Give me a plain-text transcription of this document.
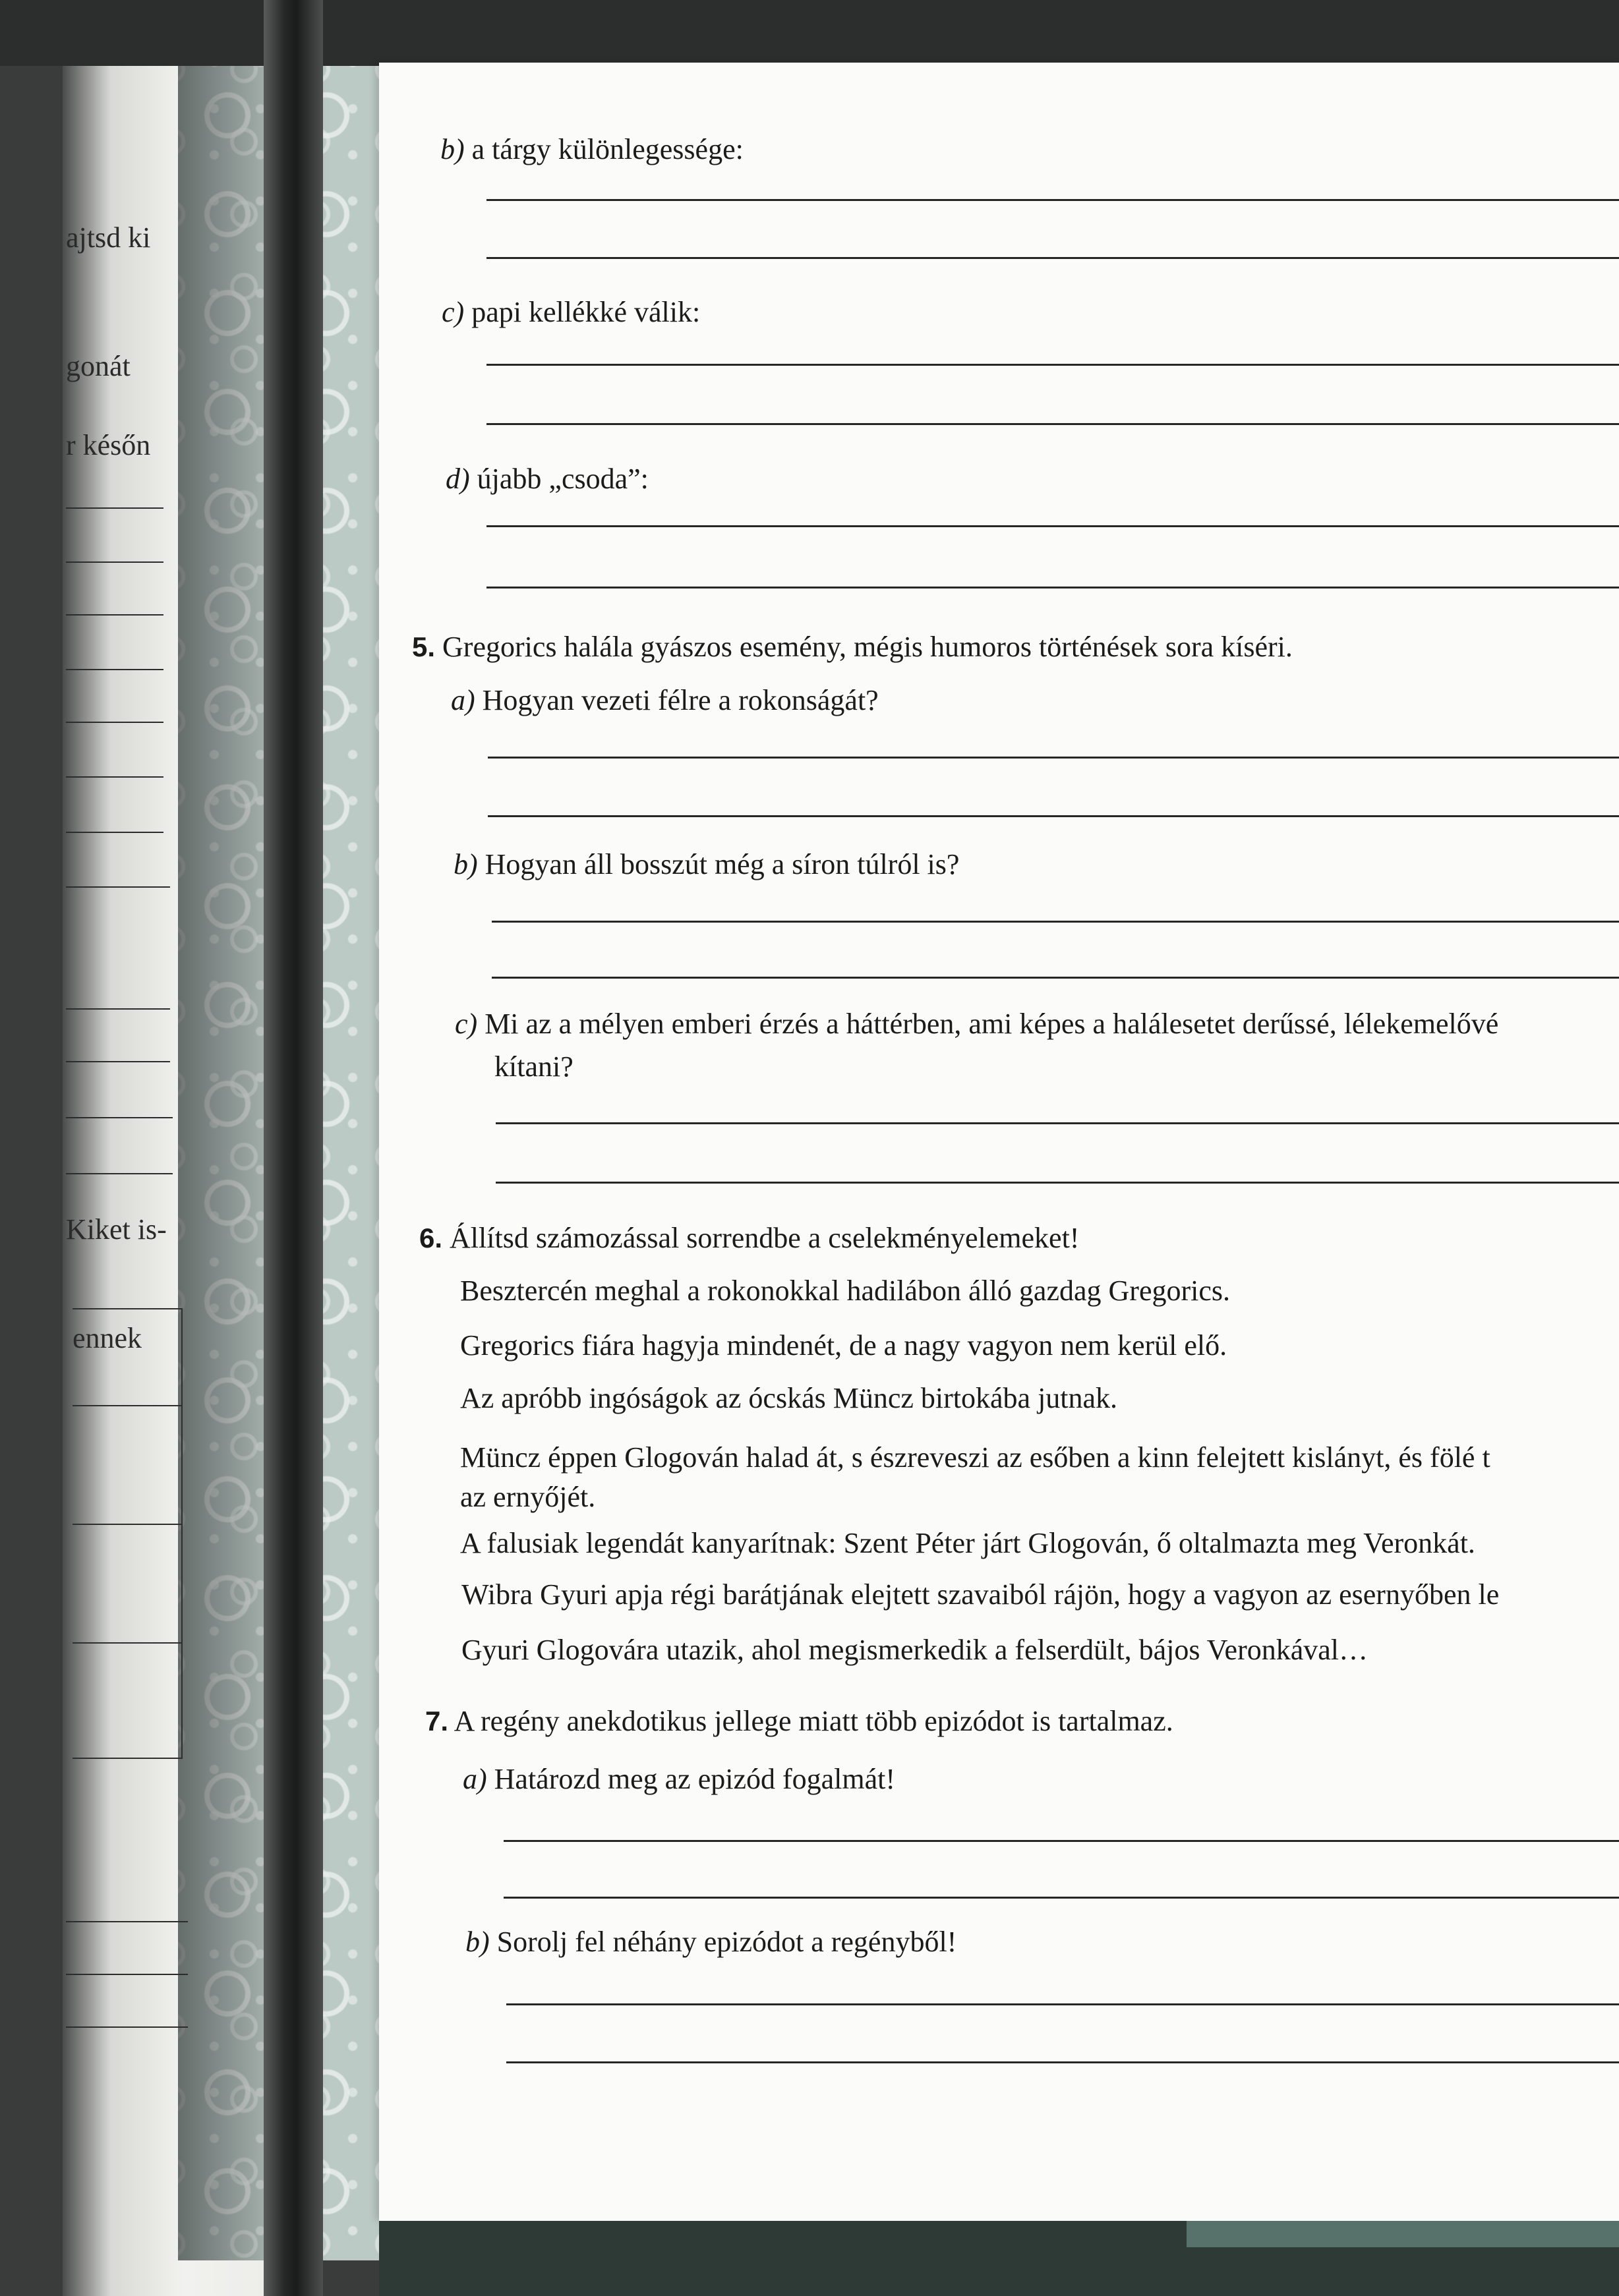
ajtsd ki
gonát
r későn
Kiket is-
ennek
b) a tárgy különlegessége:
c) papi kellékké válik:
d) újabb „csoda”:
5. Gregorics halála gyászos esemény, mégis humoros történések sora kíséri.
a) Hogyan vezeti félre a rokonságát?
b) Hogyan áll bosszút még a síron túlról is?
c) Mi az a mélyen emberi érzés a háttérben, ami képes a halálesetet derűssé, lélekemelővé
kítani?
6. Állítsd számozással sorrendbe a cselekményelemeket!
Besztercén meghal a rokonokkal hadilábon álló gazdag Gregorics.
Gregorics fiára hagyja mindenét, de a nagy vagyon nem kerül elő.
Az apróbb ingóságok az ócskás Müncz birtokába jutnak.
Müncz éppen Glogován halad át, s észreveszi az esőben a kinn felejtett kislányt, és fölé t
az ernyőjét.
A falusiak legendát kanyarítnak: Szent Péter járt Glogován, ő oltalmazta meg Veronkát.
Wibra Gyuri apja régi barátjának elejtett szavaiból rájön, hogy a vagyon az esernyőben le
Gyuri Glogovára utazik, ahol megismerkedik a felserdült, bájos Veronkával…
7. A regény anekdotikus jellege miatt több epizódot is tartalmaz.
a) Határozd meg az epizód fogalmát!
b) Sorolj fel néhány epizódot a regényből!
